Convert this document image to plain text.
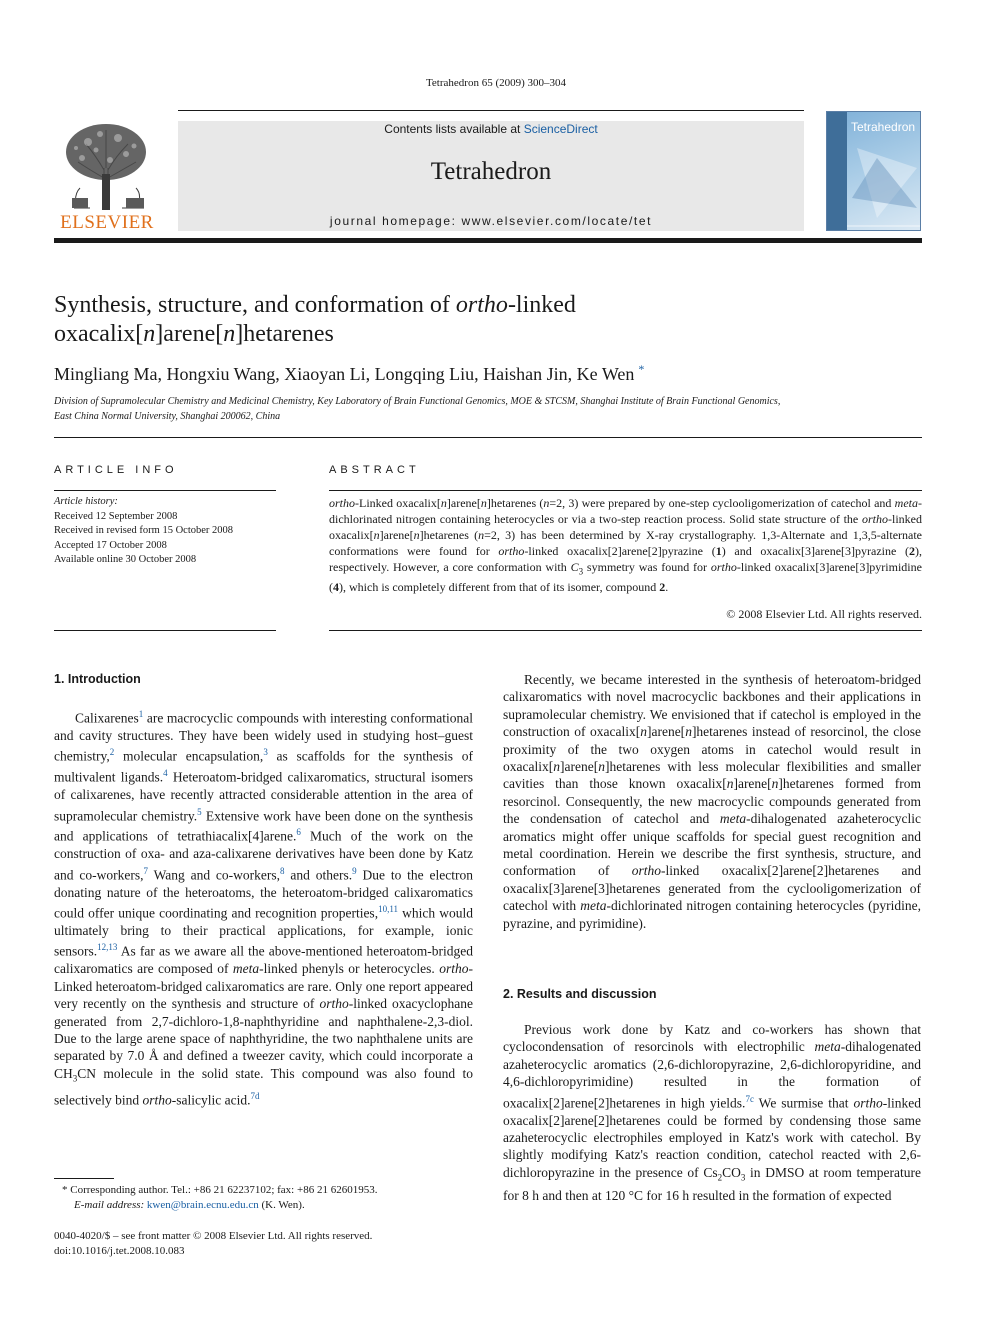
Tetrahedron 65 (2009) 300–304
ELSEVIER
Contents lists available at ScienceDirect
Tetrahedron
journal homepage: www.elsevier.com/locate/tet
Tetrahedron
Synthesis, structure, and conformation of ortho-linked
oxacalix[n]arene[n]hetarenes
Mingliang Ma, Hongxiu Wang, Xiaoyan Li, Longqing Liu, Haishan Jin, Ke Wen *
Division of Supramolecular Chemistry and Medicinal Chemistry, Key Laboratory of Brain Functional Genomics, MOE & STCSM, Shanghai Institute of Brain Functional Genomics,
East China Normal University, Shanghai 200062, China
ARTICLE INFO	ABSTRACT
Article history:
Received 12 September 2008
Received in revised form 15 October 2008
Accepted 17 October 2008
Available online 30 October 2008
ortho-Linked oxacalix[n]arene[n]hetarenes (n=2, 3) were prepared by one-step cyclooligomerization of catechol and meta-dichlorinated nitrogen containing heterocycles or via a two-step reaction process. Solid state structure of the ortho-linked oxacalix[n]arene[n]hetarenes (n=2, 3) has been determined by X-ray crystallography. 1,3-Alternate and 1,3,5-alternate conformations were found for ortho-linked oxacalix[2]arene[2]pyrazine (1) and oxacalix[3]arene[3]pyrazine (2), respectively. However, a core conformation with $C_3$ symmetry was found for ortho-linked oxacalix[3]arene[3]pyrimidine (4), which is completely different from that of its isomer, compound 2.
© 2008 Elsevier Ltd. All rights reserved.
1. Introduction
Calixarenes$^1$ are macrocyclic compounds with interesting conformational and cavity structures. They have been widely used in studying host–guest chemistry,$^2$ molecular encapsulation,$^3$ as scaffolds for the synthesis of multivalent ligands.$^4$ Heteroatom-bridged calixaromatics, structural isomers of calixarenes, have recently attracted considerable attention in the area of supramolecular chemistry.$^5$ Extensive work have been done on the synthesis and applications of tetrathiacalix[4]arene.$^6$ Much of the work on the construction of oxa- and aza-calixarene derivatives have been done by Katz and co-workers,$^7$ Wang and co-workers,$^8$ and others.$^9$ Due to the electron donating nature of the heteroatoms, the heteroatom-bridged calixaromatics could offer unique coordinating and recognition properties,$^{10,11}$ which would ultimately bring to their practical applications, for example, ionic sensors.$^{12,13}$ As far as we aware all the above-mentioned heteroatom-bridged calixaromatics are composed of meta-linked phenyls or heterocycles. ortho-Linked heteroatom-bridged calixaromatics are rare. Only one report appeared very recently on the synthesis and structure of ortho-linked oxacyclophane generated from 2,7-dichloro-1,8-naphthyridine and naphthalene-2,3-diol. Due to the large arene space of naphthyridine, the two naphthalene units are separated by 7.0 Å and defined a tweezer cavity, which could incorporate a $CH_3CN$ molecule in the solid state. This compound was also found to selectively bind ortho-salicylic acid.$^{7d}$
Recently, we became interested in the synthesis of heteroatom-bridged calixaromatics with novel macrocyclic backbones and their applications in supramolecular chemistry. We envisioned that if catechol is employed in the construction of oxacalix[n]arene[n]hetarenes instead of resorcinol, the close proximity of the two oxygen atoms in catechol would result in oxacalix[n]arene[n]hetarenes with less molecular flexibilities and smaller cavities than those known oxacalix[n]arene[n]hetarenes formed from resorcinol. Consequently, the new macrocyclic compounds generated from the condensation of catechol and meta-dihalogenated azaheterocyclic aromatics might offer unique scaffolds for special guest recognition and metal coordination. Herein we describe the first synthesis, structure, and conformation of ortho-linked oxacalix[2]arene[2]hetarenes and oxacalix[3]arene[3]hetarenes generated from the cyclooligomerization of catechol with meta-dichlorinated nitrogen containing heterocycles (pyridine, pyrazine, and pyrimidine).
2. Results and discussion
Previous work done by Katz and co-workers has shown that cyclocondensation of resorcinols with electrophilic meta-dihalogenated azaheterocyclic aromatics (2,6-dichloropyrazine, 2,6-dichloropyridine, and 4,6-dichloropyrimidine) resulted in the formation of oxacalix[2]arene[2]hetarenes in high yields.$^{7c}$ We surmise that ortho-linked oxacalix[2]arene[2]hetarenes could be formed by condensing those same azaheterocyclic electrophiles employed in Katz's work with catechol. By slightly modifying Katz's reaction condition, catechol reacted with 2,6-dichloropyrazine in the presence of $Cs_2CO_3$ in DMSO at room temperature for 8 h and then at 120 °C for 16 h resulted in the formation of expected
* Corresponding author. Tel.: +86 21 62237102; fax: +86 21 62601953.
E-mail address: kwen@brain.ecnu.edu.cn (K. Wen).
0040-4020/$ – see front matter © 2008 Elsevier Ltd. All rights reserved.
doi:10.1016/j.tet.2008.10.083
